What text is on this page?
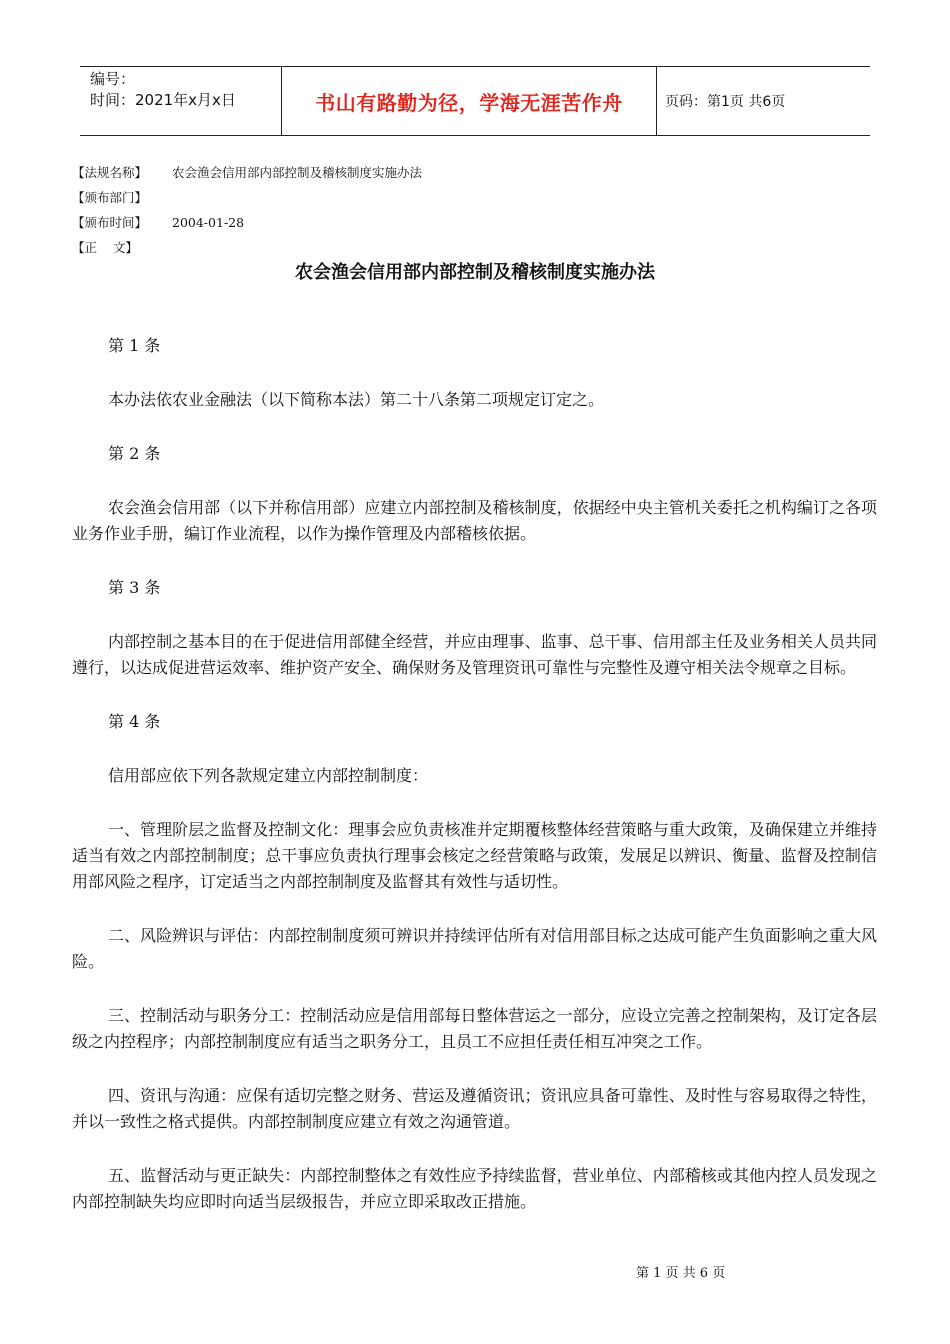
编号：
时间：2021年x月x日	书山有路勤为径，学海无涯苦作舟	页码：第1页 共6页
【法规名称】	农会渔会信用部内部控制及稽核制度实施办法
【颁布部门】
【颁布时间】	2004-01-28
【正    文】
农会渔会信用部内部控制及稽核制度实施办法
第 1 条

本办法依农业金融法（以下简称本法）第二十八条第二项规定订定之。

第 2 条

农会渔会信用部（以下并称信用部）应建立内部控制及稽核制度，依据经中央主管机关委托之机构编订之各项业务作业手册，编订作业流程，以作为操作管理及内部稽核依据。

第 3 条

内部控制之基本目的在于促进信用部健全经营，并应由理事、监事、总干事、信用部主任及业务相关人员共同遵行，以达成促进营运效率、维护资产安全、确保财务及管理资讯可靠性与完整性及遵守相关法令规章之目标。

第 4 条

信用部应依下列各款规定建立内部控制制度：

一、管理阶层之监督及控制文化：理事会应负责核准并定期覆核整体经营策略与重大政策，及确保建立并维持适当有效之内部控制制度；总干事应负责执行理事会核定之经营策略与政策，发展足以辨识、衡量、监督及控制信用部风险之程序，订定适当之内部控制制度及监督其有效性与适切性。

二、风险辨识与评估：内部控制制度须可辨识并持续评估所有对信用部目标之达成可能产生负面影响之重大风险。

三、控制活动与职务分工：控制活动应是信用部每日整体营运之一部分，应设立完善之控制架构，及订定各层级之内控程序；内部控制制度应有适当之职务分工，且员工不应担任责任相互冲突之工作。

四、资讯与沟通：应保有适切完整之财务、营运及遵循资讯；资讯应具备可靠性、及时性与容易取得之特性，并以一致性之格式提供。内部控制制度应建立有效之沟通管道。

五、监督活动与更正缺失：内部控制整体之有效性应予持续监督，营业单位、内部稽核或其他内控人员发现之内部控制缺失均应即时向适当层级报告，并应立即采取改正措施。

第 1 页 共 6 页
